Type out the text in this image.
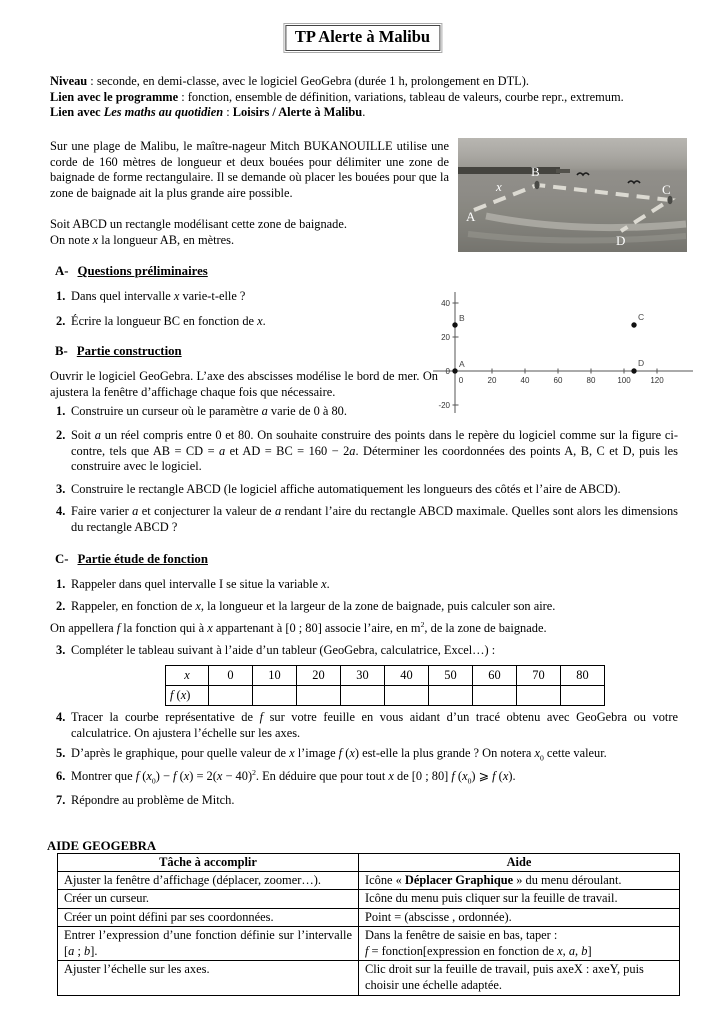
TP Alerte à Malibu
Niveau : seconde, en demi-classe, avec le logiciel GeoGebra (durée 1 h, prolongement en DTL).
Lien avec le programme : fonction, ensemble de définition, variations, tableau de valeurs, courbe repr., extremum.
Lien avec Les maths au quotidien : Loisirs / Alerte à Malibu.
Sur une plage de Malibu, le maître-nageur Mitch BUKANOUILLE utilise une corde de 160 mètres de longueur et deux bouées pour délimiter une zone de baignade de forme rectangulaire. Il se demande où placer les bouées pour que la zone de baignade ait la plus grande aire possible.
Soit ABCD un rectangle modélisant cette zone de baignade.
On note x la longueur AB, en mètres.
A
B
C
D
x
A- Questions préliminaires
1. Dans quel intervalle x varie-t-elle ?
2. Écrire la longueur BC en fonction de x.
0	20	40	60	80	100 120
40
20
0
-20
A
B	C
D
B- Partie construction
Ouvrir le logiciel GeoGebra. L’axe des abscisses modélise le bord de mer. On ajustera la fenêtre d’affichage chaque fois que nécessaire.
1. Construire un curseur où le paramètre a varie de 0 à 80.
2. Soit a un réel compris entre 0 et 80. On souhaite construire des points dans le repère du logiciel comme sur la figure ci-contre, tels que AB = CD = a et AD = BC = 160 − 2a. Déterminer les coordonnées des points A, B, C et D, puis les construire avec le logiciel.
3. Construire le rectangle ABCD (le logiciel affiche automatiquement les longueurs des côtés et l’aire de ABCD).
4. Faire varier a et conjecturer la valeur de a rendant l’aire du rectangle ABCD maximale. Quelles sont alors les dimensions du rectangle ABCD ?
C- Partie étude de fonction
1. Rappeler dans quel intervalle I se situe la variable x.
2. Rappeler, en fonction de x, la longueur et la largeur de la zone de baignade, puis calculer son aire.
On appellera f la fonction qui à x appartenant à [0 ; 80] associe l’aire, en $m^2$, de la zone de baignade.
3. Compléter le tableau suivant à l’aide d’un tableur (GeoGebra, calculatrice, Excel…) :
x	0	10	20	30	40	50	60	70	80
f (x)									
4. Tracer la courbe représentative de f sur votre feuille en vous aidant d’un tracé obtenu avec GeoGebra ou votre calculatrice. On ajustera l’échelle sur les axes.
5. D’après le graphique, pour quelle valeur de x l’image f (x) est-elle la plus grande ? On notera $x_0$ cette valeur.
6. Montrer que f $(x_0) - f$ $(x) = 2(x - 40)^2$. En déduire que pour tout x de [0 ; 80] f $(x_0)$ ⩾ f (x).
7. Répondre au problème de Mitch.
AIDE GEOGEBRA
Tâche à accomplir	Aide
Ajuster la fenêtre d’affichage (déplacer, zoomer…).	Icône « Déplacer Graphique » du menu déroulant.
Créer un curseur.	Icône du menu puis cliquer sur la feuille de travail.
Créer un point défini par ses coordonnées.	Point = (abscisse , ordonnée).
Entrer l’expression d’une fonction définie sur l’intervalle [a ; b].	Dans la fenêtre de saisie en bas, taper :
f = fonction[expression en fonction de x, a, b]

Ajuster l’échelle sur les axes.	Clic droit sur la feuille de travail, puis axeX : axeY, puis choisir une échelle adaptée.
